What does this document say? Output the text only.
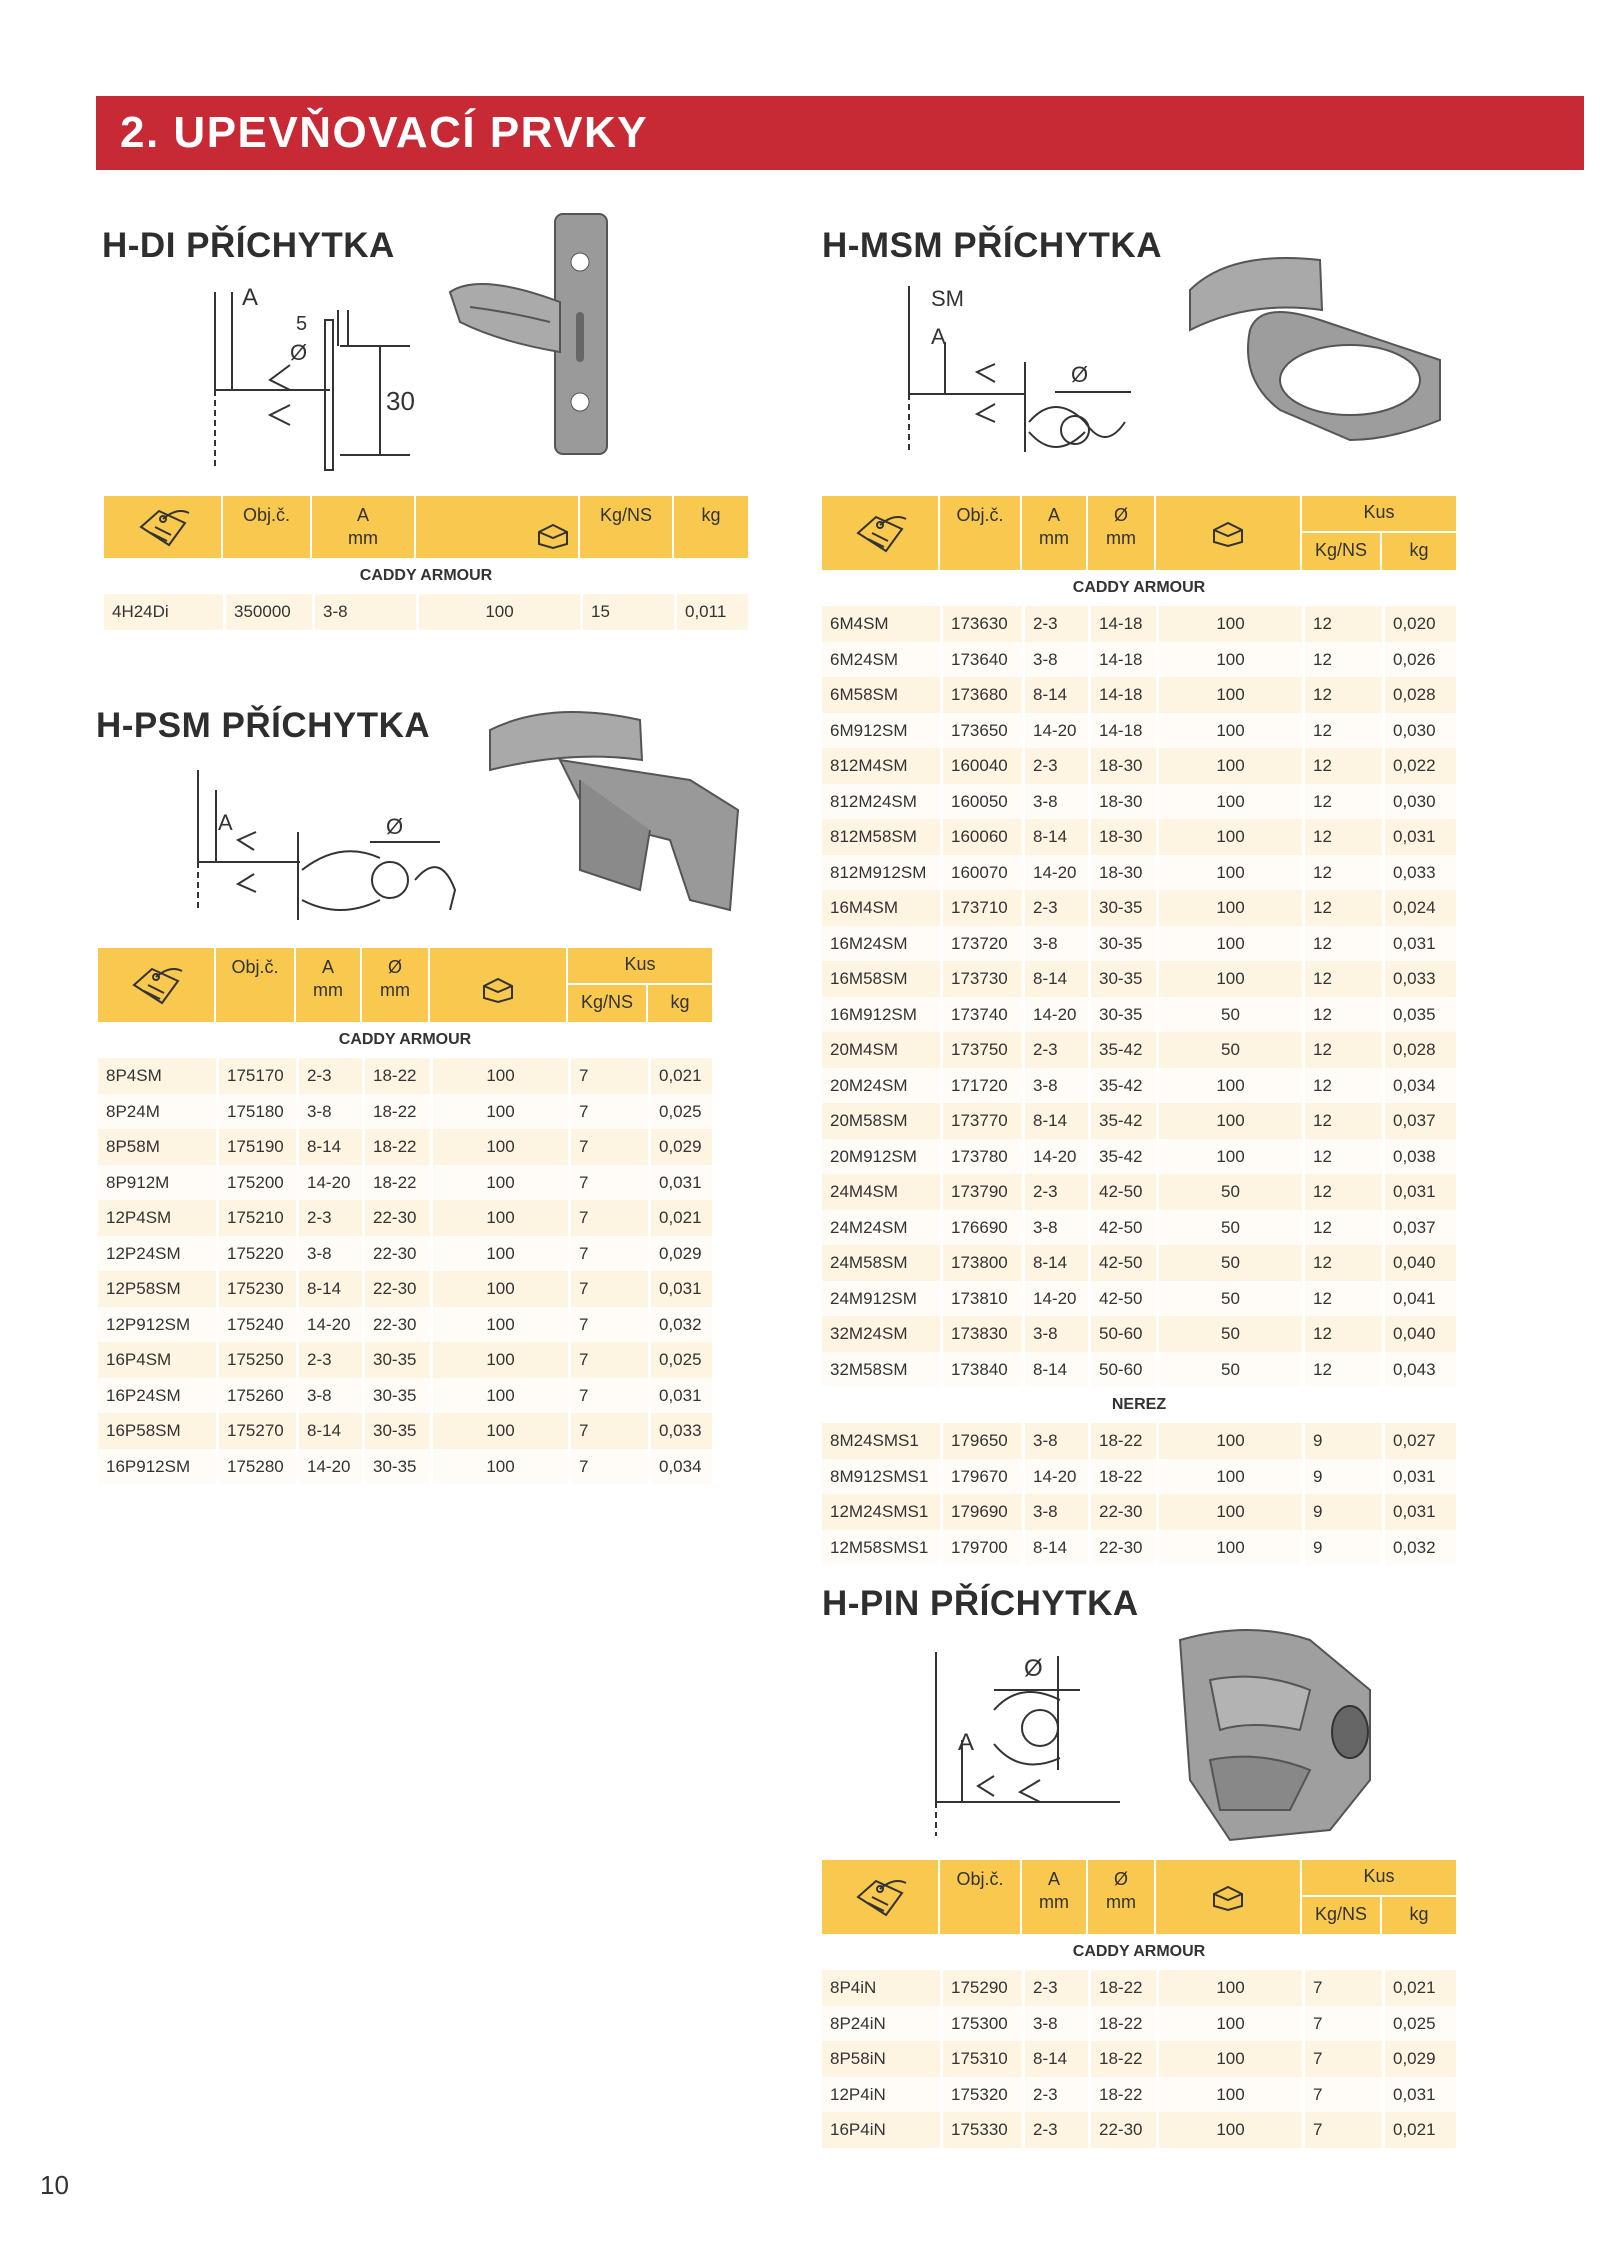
2. UPEVŇOVACÍ PRVKY
H-DI PŘÍCHYTKA
A
5
Ø
30
Obj.č.	A
mm
Kg/NS	kg
CADDY ARMOUR
4H24Di	350000	3-8	100	15	0,011
H-PSM PŘÍCHYTKA
A	Ø
Obj.č.	A
mm
Ø
mm
Kus
Kg/NS	kg
CADDY ARMOUR
8P4SM	175170	2-3	18-22	100	7	0,021
8P24M	175180	3-8	18-22	100	7	0,025
8P58M	175190	8-14	18-22	100	7	0,029
8P912M	175200	14-20	18-22	100	7	0,031
12P4SM	175210	2-3	22-30	100	7	0,021
12P24SM	175220	3-8	22-30	100	7	0,029
12P58SM	175230	8-14	22-30	100	7	0,031
12P912SM	175240	14-20	22-30	100	7	0,032
16P4SM	175250	2-3	30-35	100	7	0,025
16P24SM	175260	3-8	30-35	100	7	0,031
16P58SM	175270	8-14	30-35	100	7	0,033
16P912SM	175280	14-20	30-35	100	7	0,034
H-MSM PŘÍCHYTKA
SM
A
Ø
Obj.č.	A
mm
Ø
mm
Kus
Kg/NS	kg
CADDY ARMOUR
6M4SM	173630	2-3	14-18	100	12	0,020
6M24SM	173640	3-8	14-18	100	12	0,026
6M58SM	173680	8-14	14-18	100	12	0,028
6M912SM	173650	14-20	14-18	100	12	0,030
812M4SM	160040	2-3	18-30	100	12	0,022
812M24SM	160050	3-8	18-30	100	12	0,030
812M58SM	160060	8-14	18-30	100	12	0,031
812M912SM	160070	14-20	18-30	100	12	0,033
16M4SM	173710	2-3	30-35	100	12	0,024
16M24SM	173720	3-8	30-35	100	12	0,031
16M58SM	173730	8-14	30-35	100	12	0,033
16M912SM	173740	14-20	30-35	50	12	0,035
20M4SM	173750	2-3	35-42	50	12	0,028
20M24SM	171720	3-8	35-42	100	12	0,034
20M58SM	173770	8-14	35-42	100	12	0,037
20M912SM	173780	14-20	35-42	100	12	0,038
24M4SM	173790	2-3	42-50	50	12	0,031
24M24SM	176690	3-8	42-50	50	12	0,037
24M58SM	173800	8-14	42-50	50	12	0,040
24M912SM	173810	14-20	42-50	50	12	0,041
32M24SM	173830	3-8	50-60	50	12	0,040
32M58SM	173840	8-14	50-60	50	12	0,043
NEREZ
8M24SMS1	179650	3-8	18-22	100	9	0,027
8M912SMS1	179670	14-20	18-22	100	9	0,031
12M24SMS1	179690	3-8	22-30	100	9	0,031
12M58SMS1	179700	8-14	22-30	100	9	0,032
H-PIN PŘÍCHYTKA
Ø
A
Obj.č.	A
mm
Ø
mm
Kus
Kg/NS	kg
CADDY ARMOUR
8P4iN	175290	2-3	18-22	100	7	0,021
8P24iN	175300	3-8	18-22	100	7	0,025
8P58iN	175310	8-14	18-22	100	7	0,029
12P4iN	175320	2-3	18-22	100	7	0,031
16P4iN	175330	2-3	22-30	100	7	0,021
10
